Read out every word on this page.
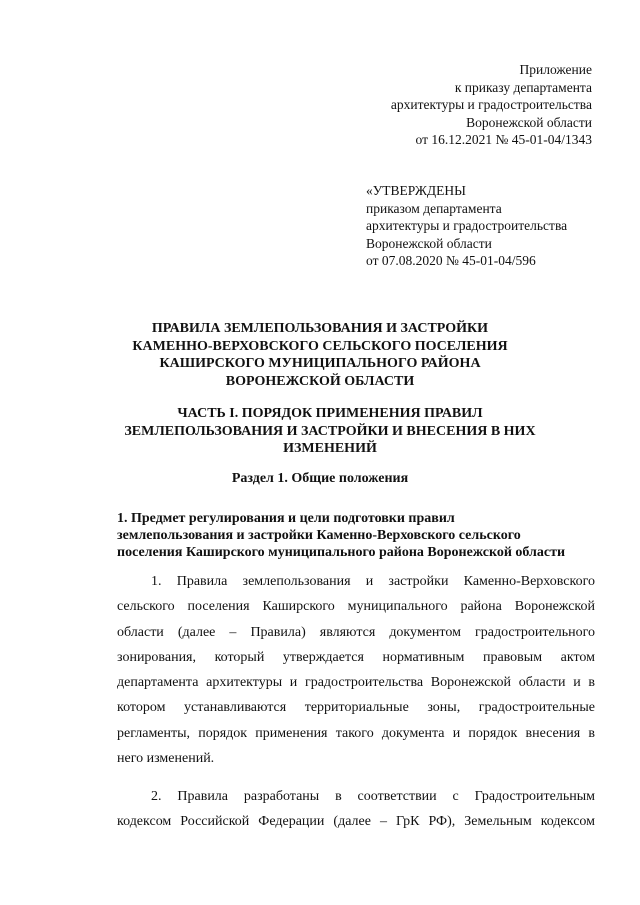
Приложение
к приказу департамента
архитектуры и градостроительства
Воронежской области
от 16.12.2021 № 45-01-04/1343
«УТВЕРЖДЕНЫ
приказом департамента
архитектуры и градостроительства
Воронежской области
от 07.08.2020 № 45-01-04/596
ПРАВИЛА ЗЕМЛЕПОЛЬЗОВАНИЯ И ЗАСТРОЙКИ
КАМЕННО-ВЕРХОВСКОГО СЕЛЬСКОГО ПОСЕЛЕНИЯ
КАШИРСКОГО МУНИЦИПАЛЬНОГО РАЙОНА
ВОРОНЕЖСКОЙ ОБЛАСТИ
ЧАСТЬ I. ПОРЯДОК ПРИМЕНЕНИЯ ПРАВИЛ
ЗЕМЛЕПОЛЬЗОВАНИЯ И ЗАСТРОЙКИ И ВНЕСЕНИЯ В НИХ
ИЗМЕНЕНИЙ
Раздел 1. Общие положения
1. Предмет регулирования и цели подготовки правил
землепользования и застройки Каменно-Верховского сельского
поселения Каширского муниципального района Воронежской области
1. Правила землепользования и застройки Каменно-Верховского
сельского поселения Каширского муниципального района Воронежской
области (далее – Правила) являются документом градостроительного
зонирования, который утверждается нормативным правовым актом
департамента архитектуры и градостроительства Воронежской области и в
котором устанавливаются территориальные зоны, градостроительные
регламенты, порядок применения такого документа и порядок внесения в
него изменений.
2. Правила разработаны в соответствии с Градостроительным
кодексом Российской Федерации (далее – ГрК РФ), Земельным кодексом
